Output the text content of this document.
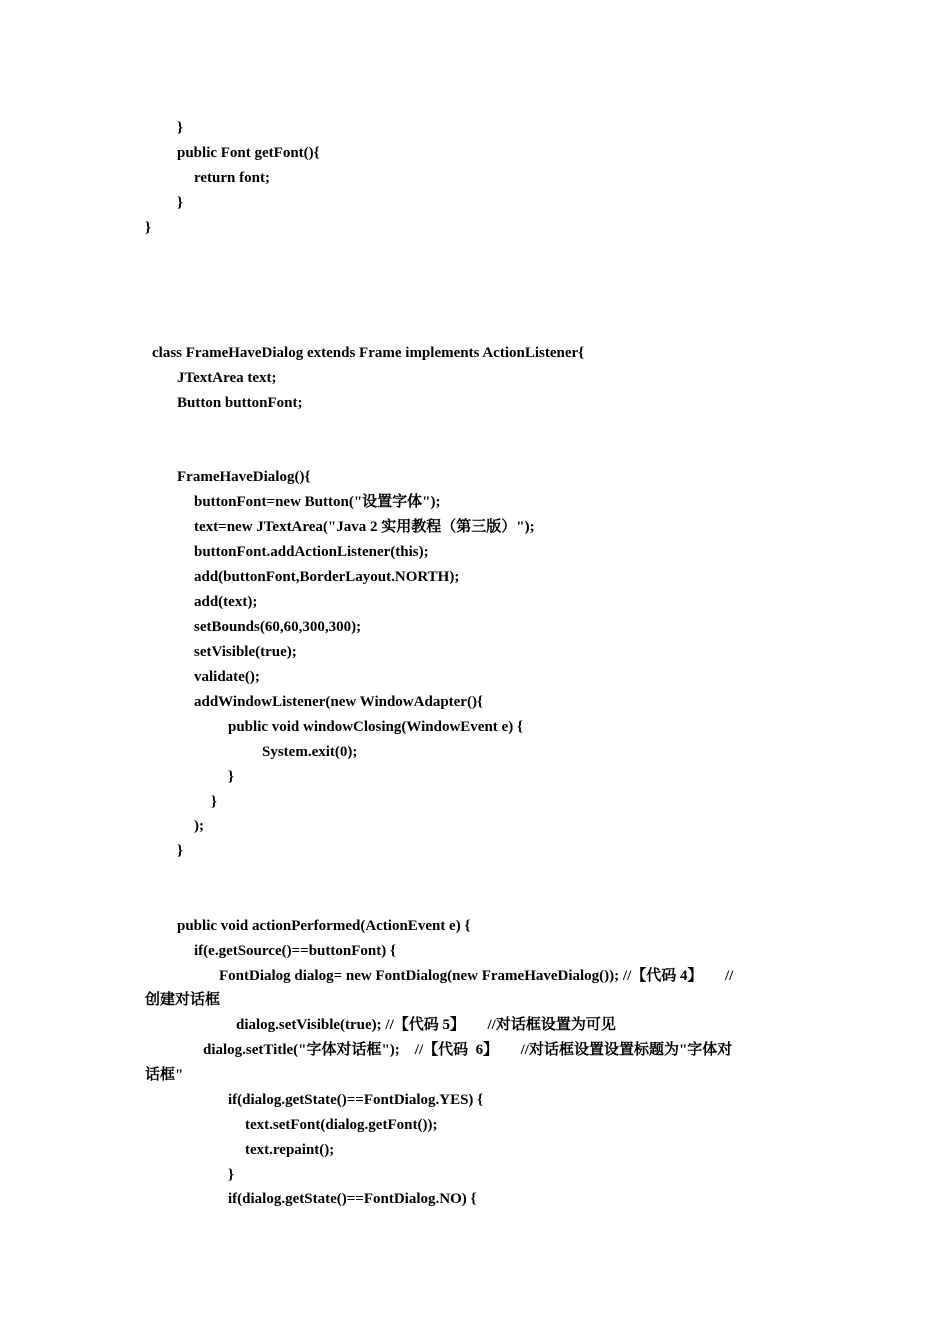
}
public Font getFont(){
return font;
}
}
class FrameHaveDialog extends Frame implements ActionListener{
JTextArea text;
Button buttonFont;
FrameHaveDialog(){
buttonFont=new Button("设置字体");
text=new JTextArea("Java 2 实用教程（第三版）");
buttonFont.addActionListener(this);
add(buttonFont,BorderLayout.NORTH);
add(text);
setBounds(60,60,300,300);
setVisible(true);
validate();
addWindowListener(new WindowAdapter(){
public void windowClosing(WindowEvent e) {
System.exit(0);
}
}
);
}
public void actionPerformed(ActionEvent e) {
if(e.getSource()==buttonFont) {
FontDialog dialog= new FontDialog(new FrameHaveDialog()); //【代码 4】      //
创建对话框
dialog.setVisible(true); //【代码 5】      //对话框设置为可见
dialog.setTitle("字体对话框");    //【代码  6】      //对话框设置设置标题为"字体对
话框"
if(dialog.getState()==FontDialog.YES) {
text.setFont(dialog.getFont());
text.repaint();
}
if(dialog.getState()==FontDialog.NO) {
